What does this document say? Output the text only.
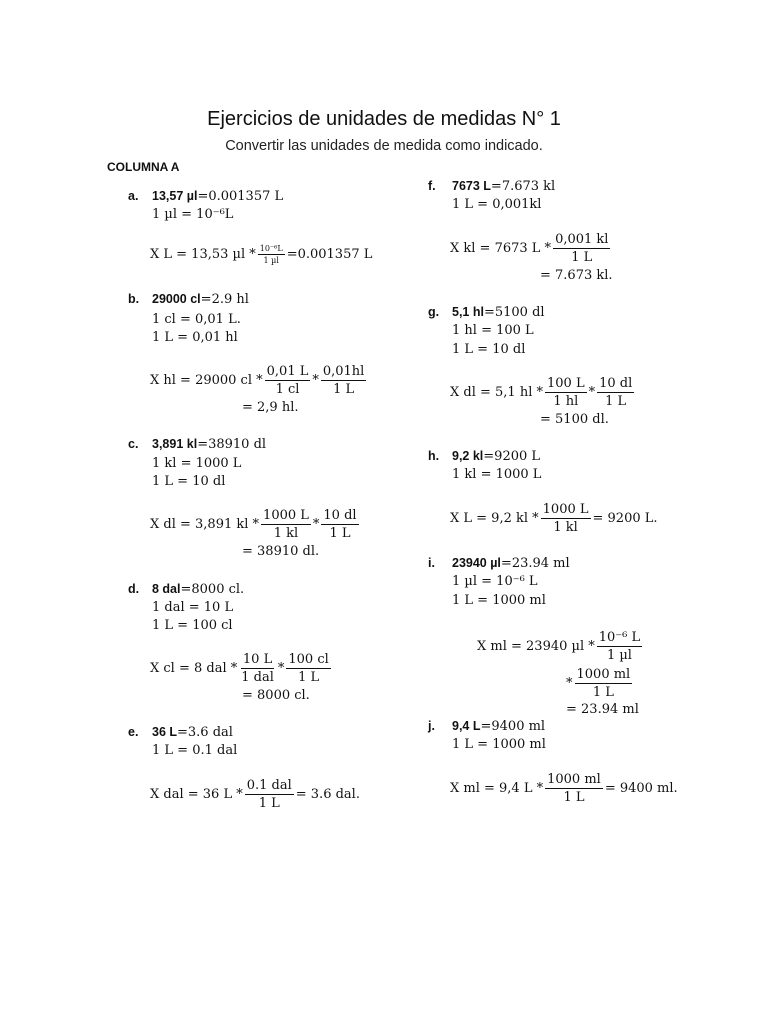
Ejercicios de unidades de medidas N° 1
Convertir las unidades de medida como indicado.
COLUMNA A
a. 13,57 µl=0.001357 L
1 µl = 10⁻⁶L
X L = 13,53 $\mu l * \frac{\text{10⁻⁶L}}{\text{1 µl}} =0.001357$ L
b. 29000 cl=2.9 hl
1 cl = 0,01 L.
1 L = 0,01 hl
X hl = 29000 cl * $\frac{0,01 L}{1 cl} * \frac{0,01hl}{1 L}$
= 2,9 hl.
c. 3,891 kl=38910 dl
1 kl = 1000 L
1 L = 10 dl
X dl = 3,891 kl * $\frac{1000 L}{1 kl} * \frac{10 dl}{1 L}$
= 38910 dl.
d. 8 dal=8000 cl.
1 dal = 10 L
1 L = 100 cl
X cl = 8 dal * $\frac{10 L}{\text{1 dal}} * \frac{100 cl}{1 L}$
= 8000 cl.
e. 36 L=3.6 dal
1 L = 0.1 dal
X dal = 36 $L * \frac{\text{0.1 dal}}{1 L} = 3.6$ dal.
f. 7673 L=7.673 kl
1 L = 0,001kl
X kl = 7673 L * $\frac{0,001 kl}{1 L}$
= 7.673 kl.
g. 5,1 hl=5100 dl
1 hl = 100 L
1 L = 10 dl
X dl = 5,1 hl * $\frac{100 L}{1 hl} * \frac{10 dl}{1 L}$
= 5100 dl.
h. 9,2 kl=9200 L
1 kl = 1000 L
X L = 9,2 kl * $\frac{1000 L}{1 kl} = 9200$ L.
i. 23940 µl=23.94 ml
1 µl = 10⁻⁶ L
1 L = 1000 ml
X ml = 23940 µl * $\frac{\text{10⁻⁶ L}}{\text{1 µl}}$
* $\frac{1000 ml}{1 L}$
= 23.94 ml
j. 9,4 L=9400 ml
1 L = 1000 ml
X ml = 9,4 $L * \frac{1000 ml}{1 L} = 9400$ ml.
